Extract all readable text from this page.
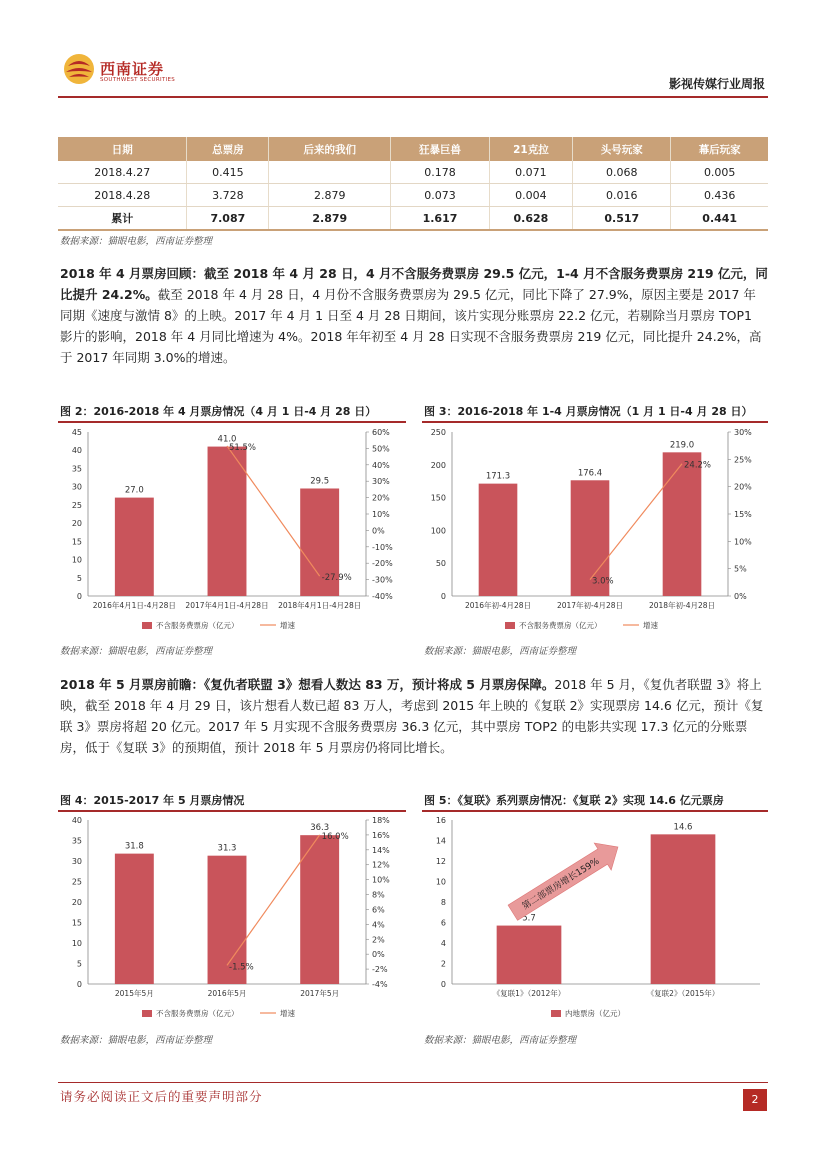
西南证券
SOUTHWEST SECURITIES	影视传媒行业周报
日期	总票房	后来的我们	狂暴巨兽	21克拉	头号玩家	幕后玩家
2018.4.27	0.415		0.178	0.071	0.068	0.005
2018.4.28	3.728	2.879	0.073	0.004	0.016	0.436
累计	7.087	2.879	1.617	0.628	0.517	0.441
数据来源：猫眼电影，西南证券整理

2018 年 4 月票房回顾：截至 2018 年 4 月 28 日，4 月不含服务费票房 29.5 亿元，1-4 月不含服务费票房 219 亿元，同比提升 24.2%。截至 2018 年 4 月 28 日，4 月份不含服务费票房为 29.5 亿元，同比下降了 27.9%，原因主要是 2017 年同期《速度与激情 8》的上映。2017 年 4 月 1 日至 4 月 28 日期间，该片实现分账票房 22.2 亿元，若剔除当月票房 TOP1 影片的影响，2018 年 4 月同比增速为 4%。2018 年年初至 4 月 28 日实现不含服务费票房 219 亿元，同比提升 24.2%，高于 2017 年同期 3.0%的增速。

图 2：2016-2018 年 4 月票房情况（4 月 1 日-4 月 28 日）
0
5
10
15
20
25
30
35
40
45
-40%
-30%
-20%
-10%
0%
10%
20%
30%
40%
50%
60%
27.0
2016年4月1日-4月28日
41.0
2017年4月1日-4月28日
29.5
2018年4月1日-4月28日
51.5%
-27.9%
不含服务费票房（亿元）	增速
数据来源：猫眼电影，西南证券整理
图 3：2016-2018 年 1-4 月票房情况（1 月 1 日-4 月 28 日）
0
50
100
150
200
250
0%
5%
10%
15%
20%
25%
30%
171.3
2016年初-4月28日
176.4
2017年初-4月28日
219.0
2018年初-4月28日
3.0%
24.2%
不含服务费票房（亿元）	增速
数据来源：猫眼电影，西南证券整理

2018 年 5 月票房前瞻：《复仇者联盟 3》想看人数达 83 万，预计将成 5 月票房保障。2018 年 5 月，《复仇者联盟 3》将上映，截至 2018 年 4 月 29 日，该片想看人数已超 83 万人，考虑到 2015 年上映的《复联 2》实现票房 14.6 亿元，预计《复联 3》票房将超 20 亿元。2017 年 5 月实现不含服务费票房 36.3 亿元，其中票房 TOP2 的电影共实现 17.3 亿元的分账票房，低于《复联 3》的预期值，预计 2018 年 5 月票房仍将同比增长。

图 4：2015-2017 年 5 月票房情况
0
5
10
15
20
25
30
35
40
-4%
-2%
0%
2%
4%
6%
8%
10%
12%
14%
16%
18%
31.8
2015年5月
31.3
2016年5月
36.3
2017年5月
-1.5%
16.0%
不含服务费票房（亿元）	增速
数据来源：猫眼电影，西南证券整理
图 5：《复联》系列票房情况：《复联 2》实现 14.6 亿元票房
0
2
4
6
8
10
12
14
16
5.7
《复联1》（2012年）
14.6
《复联2》（2015年）
内地票房（亿元）
第二部票房增长159%
数据来源：猫眼电影，西南证券整理
请务必阅读正文后的重要声明部分	2
